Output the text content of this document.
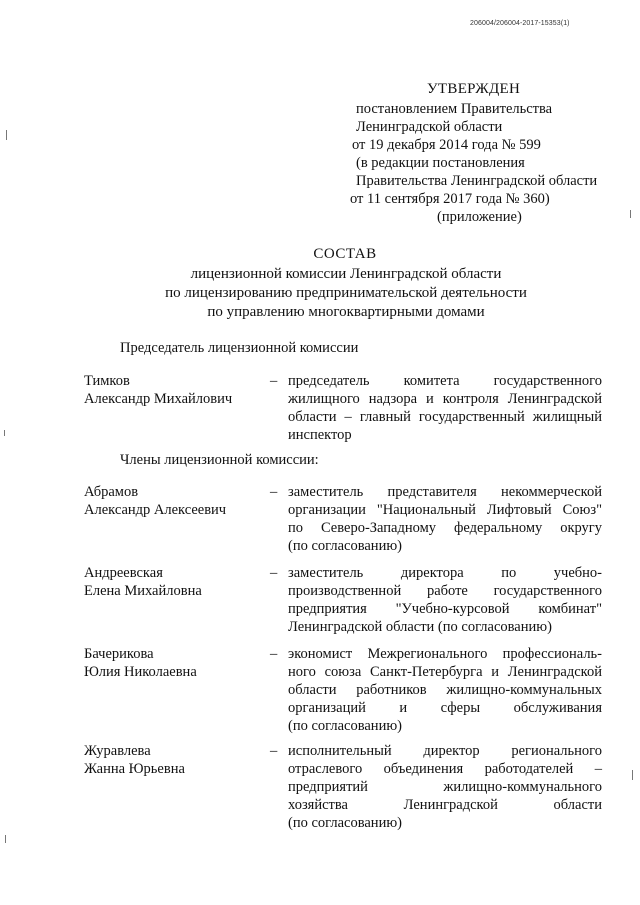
206004/206004-2017-15353(1)
УТВЕРЖДЕН
постановлением Правительства
Ленинградской области
от 19 декабря 2014 года № 599
(в редакции постановления
Правительства Ленинградской области
от 11 сентября 2017 года № 360)
(приложение)
СОСТАВ
лицензионной комиссии Ленинградской области
по лицензированию предпринимательской деятельности
по управлению многоквартирными домами
Председатель лицензионной комиссии
Тимков
Александр Михайлович
– председатель комитета государственного
жилищного надзора и контроля Ленинградской
области – главный государственный жилищный
инспектор
Члены лицензионной комиссии:
Абрамов
Александр Алексеевич
– заместитель представителя некоммерческой
организации "Национальный Лифтовый Союз"
по Северо-Западному федеральному округу
(по согласованию)
Андреевская
Елена Михайловна
– заместитель директора по учебно-
производственной работе государственного
предприятия "Учебно-курсовой комбинат"
Ленинградской области (по согласованию)
Бачерикова
Юлия Николаевна
– экономист Межрегионального профессиональ-
ного союза Санкт-Петербурга и Ленинградской
области работников жилищно-коммунальных
организаций и сферы обслуживания
(по согласованию)
Журавлева
Жанна Юрьевна
– исполнительный директор регионального
отраслевого объединения работодателей –
предприятий жилищно-коммунального
хозяйства Ленинградской области
(по согласованию)
